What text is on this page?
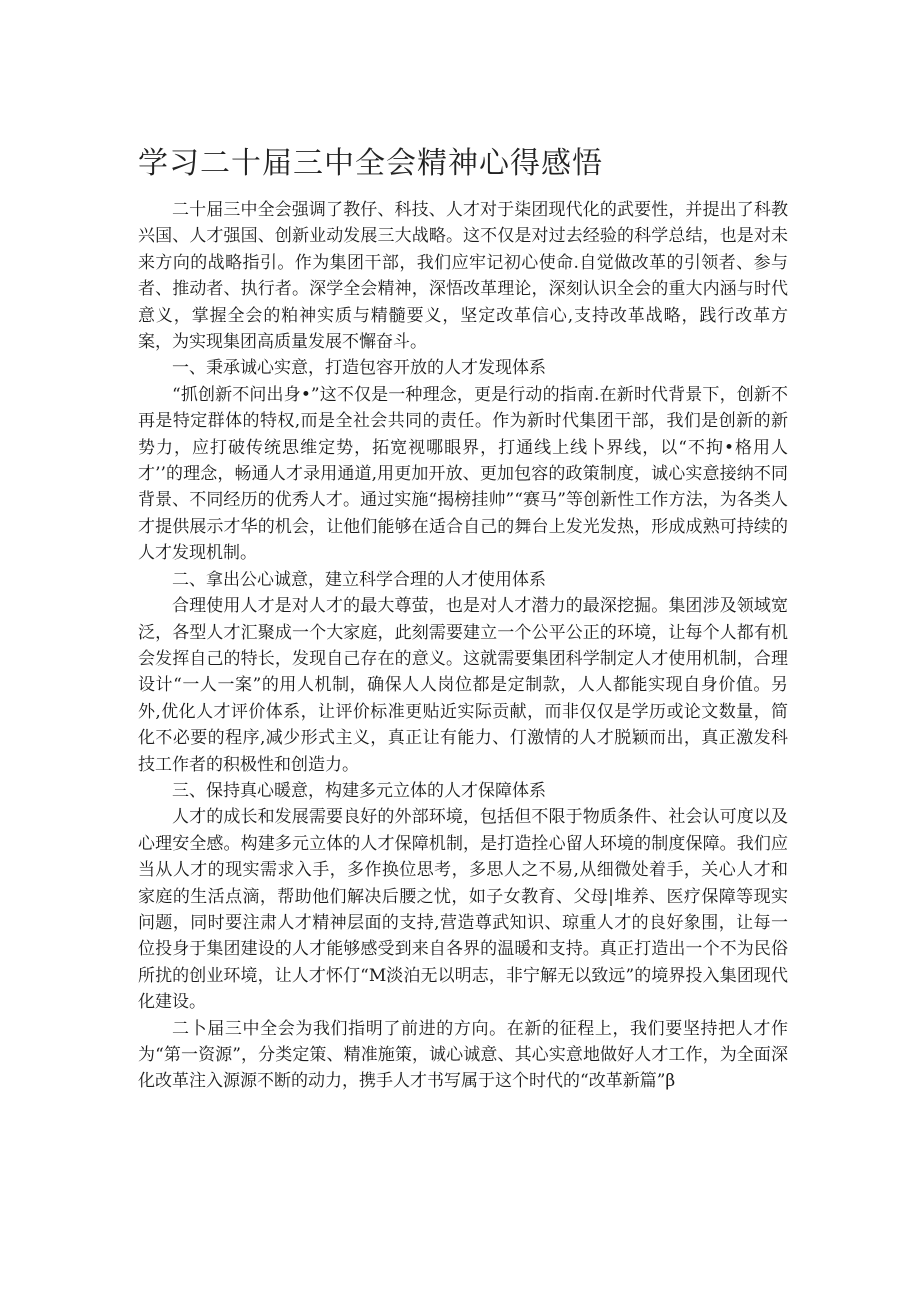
学习二十届三中全会精神心得感悟

二十届三中全会强调了教仔、科技、人才对于柒团现代化的武要性，并提出了科教兴国、人才强国、创新业动发展三大战略。这不仅是对过去经验的科学总结，也是对未来方向的战略指引。作为集团干部，我们应牢记初心使命.自觉做改革的引领者、参与者、推动者、执行者。深学全会精神，深悟改革理论，深刻认识全会的重大内涵与时代意义，掌握全会的粕神实质与精髓要义，坚定改革信心,支持改革战略，践行改革方案，为实现集团高质量发展不懈奋斗。

一、秉承诚心实意，打造包容开放的人才发现体系

“抓创新不问出身•”这不仅是一种理念，更是行动的指南.在新时代背景下，创新不再是特定群体的特权,而是全社会共同的责任。作为新时代集团干部，我们是创新的新势力，应打破传统思维定势，拓宽视哪眼界，打通线上线卜界线，以“不拘•格用人才’’的理念，畅通人才录用通道,用更加开放、更加包容的政策制度，诚心实意接纳不同背景、不同经历的优秀人才。通过实施“揭榜挂帅”“赛马”等创新性工作方法，为各类人才提供展示才华的机会，让他们能够在适合自己的舞台上发光发热，形成成熟可持续的人才发现机制。

二、拿出公心诚意，建立科学合理的人才使用体系

合理使用人才是对人才的最大尊萤，也是对人才潜力的最深挖掘。集团涉及领域宽泛，各型人才汇聚成一个大家庭，此刻需要建立一个公平公正的环境，让每个人都有机会发挥自己的特长，发现自己存在的意义。这就需要集团科学制定人才使用机制，合理设计“一人一案”的用人机制，确保人人岗位都是定制款，人人都能实现自身价值。另外,优化人才评价体系，让评价标准更贴近实际贡献，而非仅仅是学历或论文数量，简化不必要的程序,减少形式主义，真正让有能力、仃激情的人才脱颖而出，真正激发科技工作者的积极性和创造力。

三、保持真心暖意，构建多元立体的人才保障体系

人才的成长和发展需要良好的外部环境，包括但不限于物质条件、社会认可度以及心理安全感。构建多元立体的人才保障机制，是打造拴心留人环境的制度保障。我们应当从人才的现实需求入手，多作换位思考，多思人之不易,从细微处着手，关心人才和家庭的生活点滴，帮助他们解决后腰之忧，如子女教育、父母|堆养、医疗保障等现实问题，同时要注肃人才精神层面的支持,营造尊武知识、琼重人才的良好象围，让每一位投身于集团建设的人才能够感受到来自各界的温暖和支持。真正打造出一个不为民俗所扰的创业环境，让人才怀仃“M淡泊无以明志，非宁解无以致远”的境界投入集团现代化建设。

二卜届三中全会为我们指明了前进的方向。在新的征程上，我们要坚持把人才作为“第一资源”，分类定策、精准施策，诚心诚意、其心实意地做好人才工作，为全面深化改革注入源源不断的动力，携手人才书写属于这个时代的“改革新篇”β
